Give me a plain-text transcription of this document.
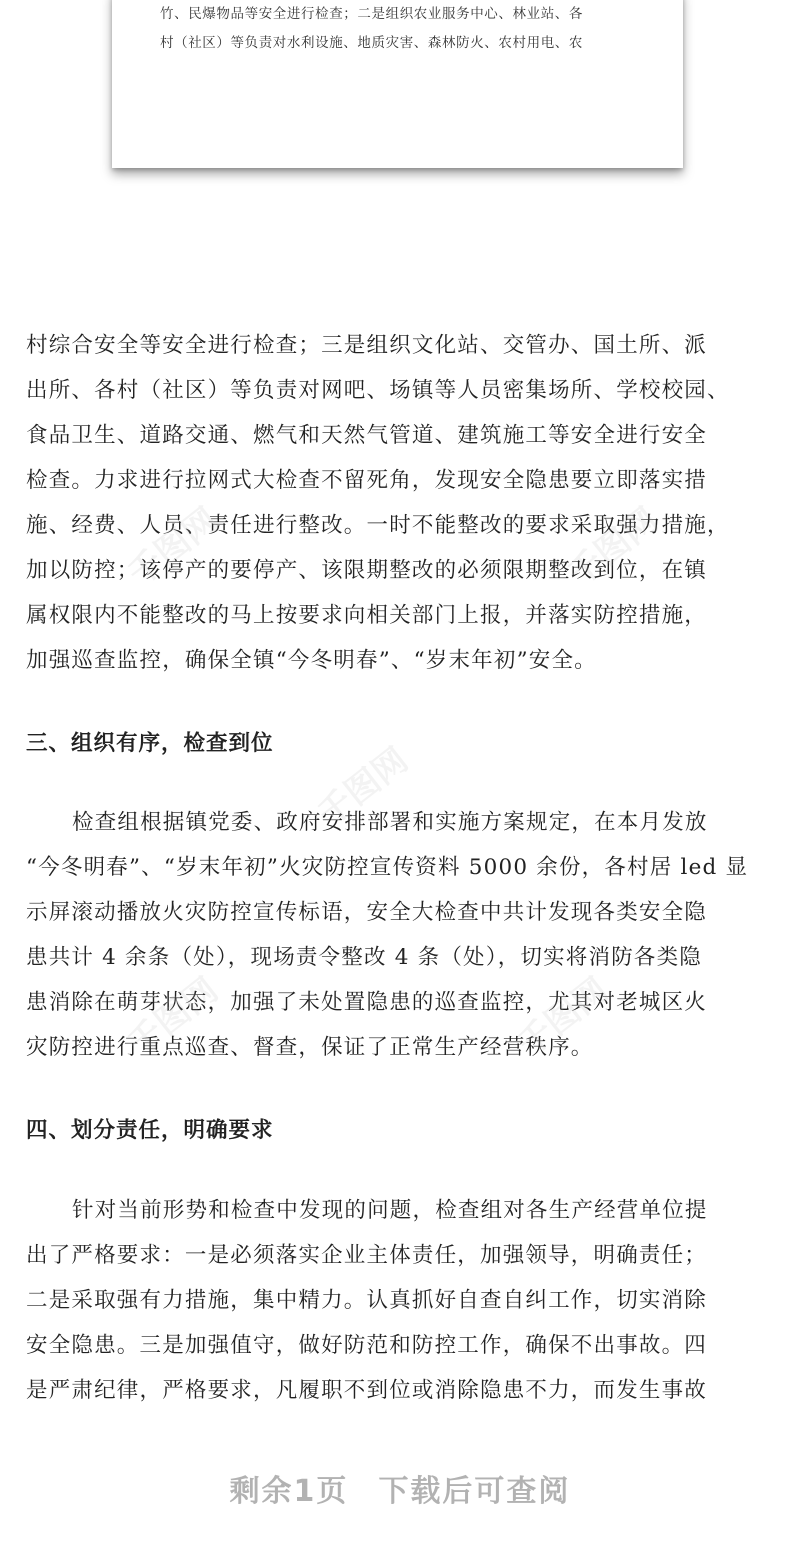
竹、民爆物品等安全进行检查；二是组织农业服务中心、林业站、各
村（社区）等负责对水利设施、地质灾害、森林防火、农村用电、农
村综合安全等安全进行检查；三是组织文化站、交管办、国土所、派
出所、各村（社区）等负责对网吧、场镇等人员密集场所、学校校园、
食品卫生、道路交通、燃气和天然气管道、建筑施工等安全进行安全
检查。力求进行拉网式大检查不留死角，发现安全隐患要立即落实措
施、经费、人员、责任进行整改。一时不能整改的要求采取强力措施，
加以防控；该停产的要停产、该限期整改的必须限期整改到位，在镇
属权限内不能整改的马上按要求向相关部门上报，并落实防控措施，
加强巡查监控，确保全镇“今冬明春”、“岁末年初”安全。
三、组织有序，检查到位
检查组根据镇党委、政府安排部署和实施方案规定，在本月发放
“今冬明春”、“岁末年初”火灾防控宣传资料 5000 余份，各村居 led 显
示屏滚动播放火灾防控宣传标语，安全大检查中共计发现各类安全隐
患共计 4 余条（处），现场责令整改 4 条（处），切实将消防各类隐
患消除在萌芽状态，加强了未处置隐患的巡查监控，尤其对老城区火
灾防控进行重点巡查、督查，保证了正常生产经营秩序。
四、划分责任，明确要求
针对当前形势和检查中发现的问题，检查组对各生产经营单位提
出了严格要求：一是必须落实企业主体责任，加强领导，明确责任；
二是采取强有力措施，集中精力。认真抓好自查自纠工作，切实消除
安全隐患。三是加强值守，做好防范和防控工作，确保不出事故。四
是严肃纪律，严格要求，凡履职不到位或消除隐患不力，而发生事故
千图网	千图网
千图网
千图网	千图网
剩余1页 下载后可查阅
